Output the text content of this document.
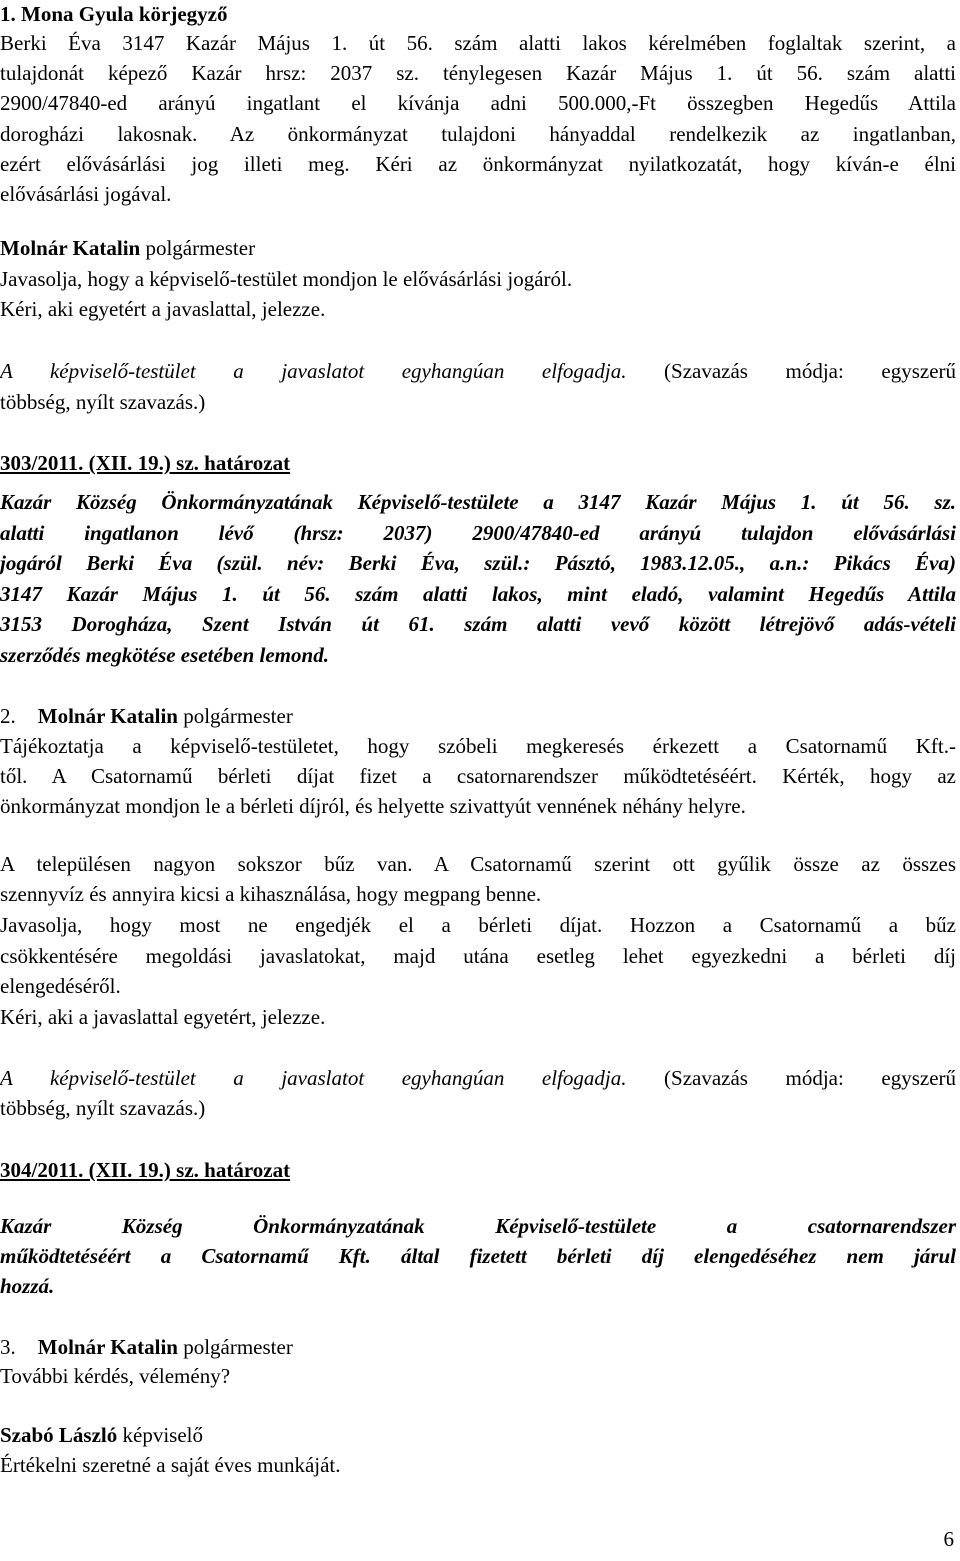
1. Mona Gyula körjegyző
Berki Éva 3147 Kazár Május 1. út 56. szám alatti lakos kérelmében foglaltak szerint, a
tulajdonát képező Kazár hrsz: 2037 sz. ténylegesen Kazár Május 1. út 56. szám alatti
2900/47840-ed arányú ingatlant el kívánja adni 500.000,-Ft összegben Hegedűs Attila
dorogházi lakosnak. Az önkormányzat tulajdoni hányaddal rendelkezik az ingatlanban,
ezért elővásárlási jog illeti meg. Kéri az önkormányzat nyilatkozatát, hogy kíván-e élni
elővásárlási jogával.
Molnár Katalin polgármester
Javasolja, hogy a képviselő-testület mondjon le elővásárlási jogáról.
Kéri, aki egyetért a javaslattal, jelezze.
A képviselő-testület a javaslatot egyhangúan elfogadja. (Szavazás módja: egyszerű
többség, nyílt szavazás.)
303/2011. (XII. 19.) sz. határozat
Kazár Község Önkormányzatának Képviselő-testülete a 3147 Kazár Május 1. út 56. sz.
alatti ingatlanon lévő (hrsz: 2037) 2900/47840-ed arányú tulajdon elővásárlási
jogáról Berki Éva (szül. név: Berki Éva, szül.: Pásztó, 1983.12.05., a.n.: Pikács Éva)
3147 Kazár Május 1. út 56. szám alatti lakos, mint eladó, valamint Hegedűs Attila
3153 Dorogháza, Szent István út 61. szám alatti vevő között létrejövő adás-vételi
szerződés megkötése esetében lemond.
2. Molnár Katalin polgármester
Tájékoztatja a képviselő-testületet, hogy szóbeli megkeresés érkezett a Csatornamű Kft.-
től. A Csatornamű bérleti díjat fizet a csatornarendszer működtetéséért. Kérték, hogy az
önkormányzat mondjon le a bérleti díjról, és helyette szivattyút vennének néhány helyre.
A településen nagyon sokszor bűz van. A Csatornamű szerint ott gyűlik össze az összes
szennyvíz és annyira kicsi a kihasználása, hogy megpang benne.
Javasolja, hogy most ne engedjék el a bérleti díjat. Hozzon a Csatornamű a bűz
csökkentésére megoldási javaslatokat, majd utána esetleg lehet egyezkedni a bérleti díj
elengedéséről.
Kéri, aki a javaslattal egyetért, jelezze.
A képviselő-testület a javaslatot egyhangúan elfogadja. (Szavazás módja: egyszerű
többség, nyílt szavazás.)
304/2011. (XII. 19.) sz. határozat
Kazár Község Önkormányzatának Képviselő-testülete a csatornarendszer
működtetéséért a Csatornamű Kft. által fizetett bérleti díj elengedéséhez nem járul
hozzá.
3. Molnár Katalin polgármester
További kérdés, vélemény?
Szabó László képviselő
Értékelni szeretné a saját éves munkáját.
6
